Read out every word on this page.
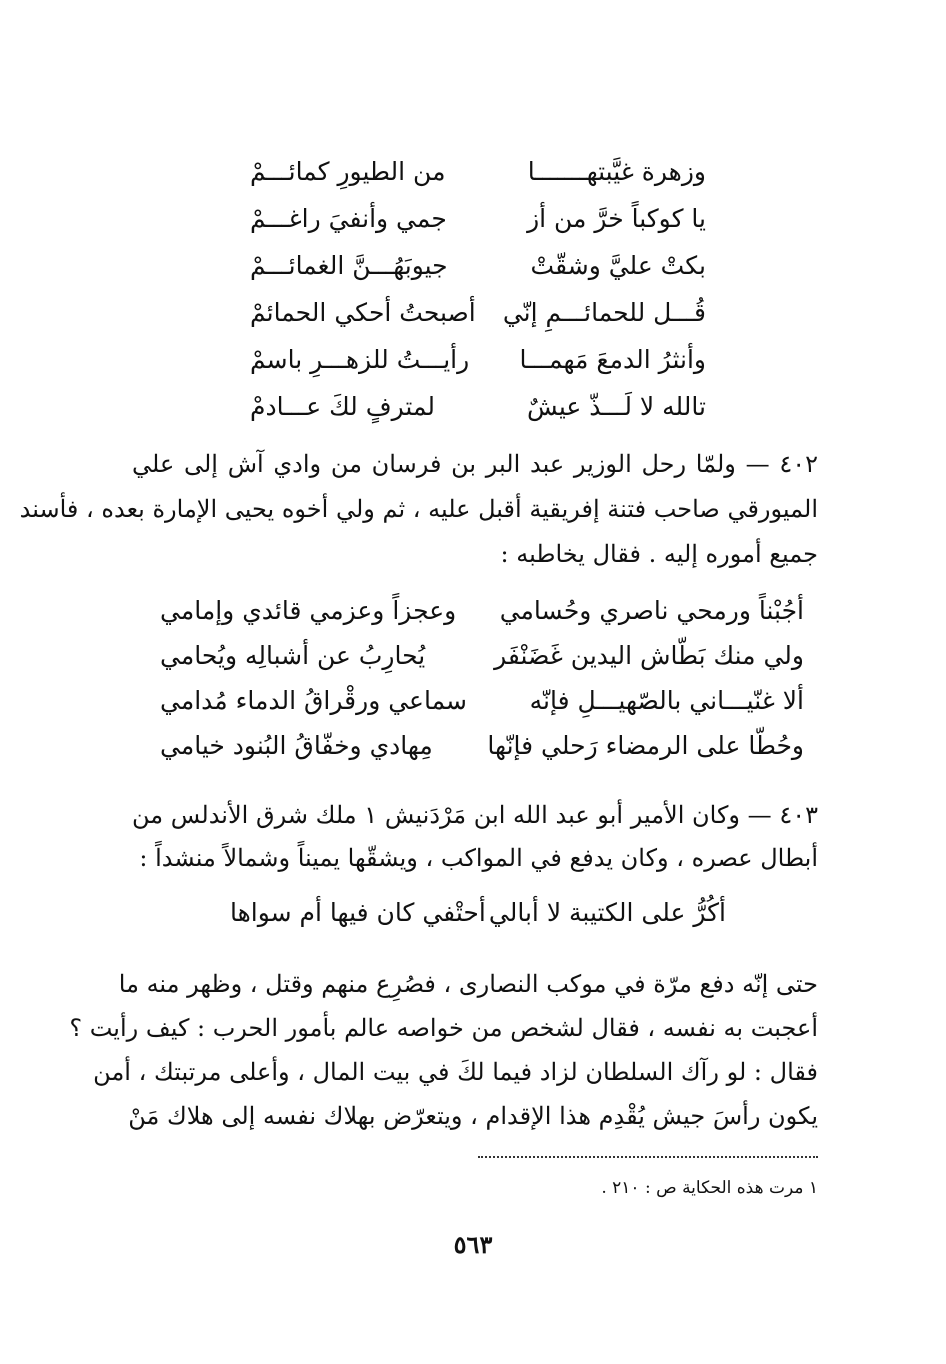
وزهرة غيَّبتهـــــــا
من الطيورِ كمائـــمْ
يا كوكباً خرَّ من أز
جمي وأنفيَ راغـــمْ
بكتْ عليَّ وشقّتْ
جيوبَهُـــنَّ الغمائـــمْ
قُـــل للحمائـــمِ إنّي
أصبحتُ أحكي الحمائمْ
وأنثرُ الدمعَ مَهمـــا
رأيـــتُ للزهـــرِ باسمْ
تالله لا لَـــذّ عيشٌ
لمترفٍ لكَ عـــادمْ
٤٠٢ — ولمّا رحل الوزير عبد البر بن فرسان من وادي آش إلى علي
الميورقي صاحب فتنة إفريقية أقبل عليه ، ثم ولي أخوه يحيى الإمارة بعده ، فأسند
جميع أموره إليه . فقال يخاطبه :
أجُبْناً ورمحي ناصري وحُسامي
وعجزاً وعزمي قائدي وإمامي
ولي منك بَطّاش اليدين غَضَنْفَر
يُحارِبُ عن أشبالِه ويُحامي
ألا غنّيـــاني بالصّهيـــلِ فإنّه
سماعي ورقْراقُ الدماء مُدامي
وحُطّا على الرمضاء رَحلي فإنّها
مِهادي وخفّاقُ البُنود خيامي
٤٠٣ — وكان الأمير أبو عبد الله ابن مَرْدَنيش ١ ملك شرق الأندلس من
أبطال عصره ، وكان يدفع في المواكب ، ويشقّها يميناً وشمالاً منشداً :
أكُرُّ على الكتيبة لا أبالي
أحتْفي كان فيها أم سواها
حتى إنّه دفع مرّة في موكب النصارى ، فصُرِع منهم وقتل ، وظهر منه ما
أعجبت به نفسه ، فقال لشخص من خواصه عالم بأمور الحرب : كيف رأيت ؟
فقال : لو رآك السلطان لزاد فيما لكَ في بيت المال ، وأعلى مرتبتك ، أمن
يكون رأسَ جيش يُقْدِم هذا الإقدام ، ويتعرّض بهلاك نفسه إلى هلاك مَنْ
١ مرت هذه الحكاية ص : ٢١٠ .
٥٦٣
